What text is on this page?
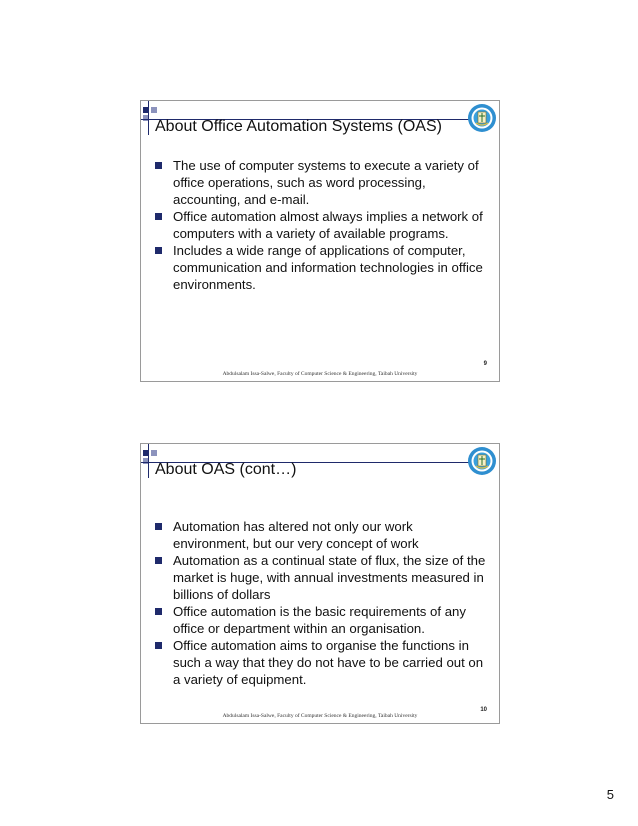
About Office Automation Systems (OAS)
The use of computer systems to execute a variety of office operations, such as word processing, accounting, and e-mail.
Office automation almost always implies a network of computers with a variety of available programs.
Includes a wide range of applications of computer, communication and information technologies in office environments.
9
Abdulsalam Issa-Salwe, Faculty of Computer Science & Engineering, Taibah University
About OAS (cont…)
Automation has altered not only our work environment, but our very concept of work
Automation as a continual state of flux, the size of the market is huge, with annual investments measured in billions of dollars
Office automation is the basic requirements of any office or department within an organisation.
Office automation aims to organise the functions in such a way that they do not have to be carried out on a variety of equipment.
10
Abdulsalam Issa-Salwe, Faculty of Computer Science & Engineering, Taibah University
5
